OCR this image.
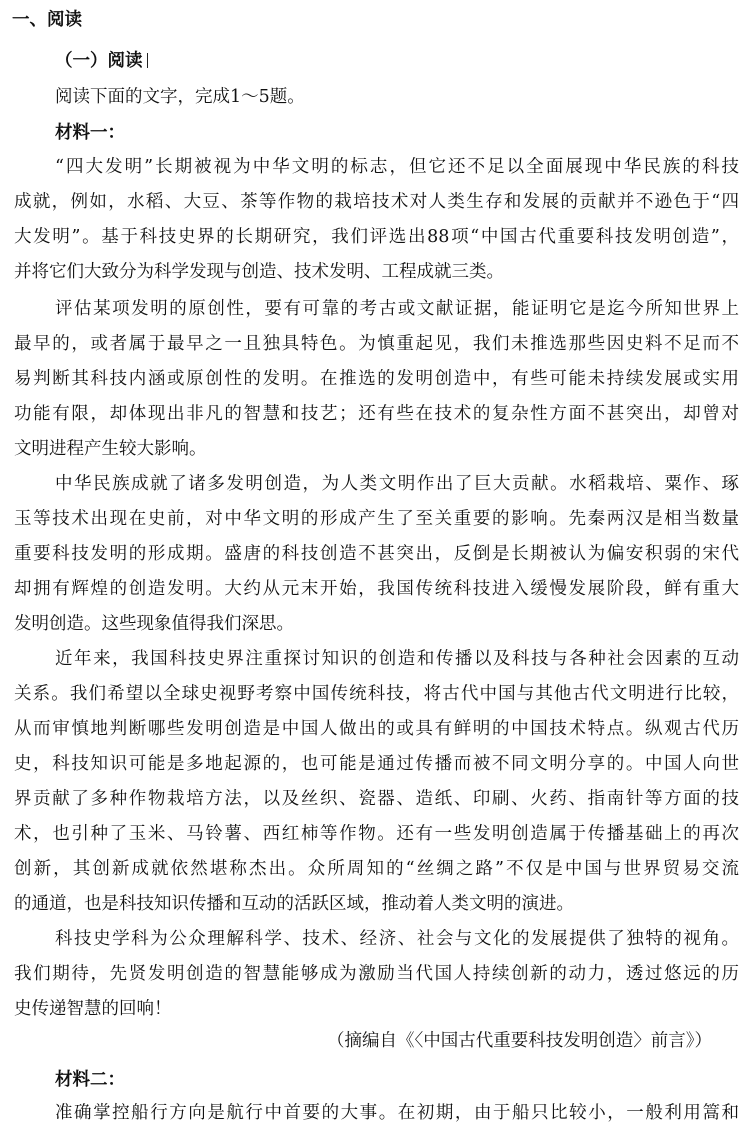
一、阅读
（一）阅读
阅读下面的文字，完成1～5题。
材料一：
“四大发明”长期被视为中华文明的标志，但它还不足以全面展现中华民族的科技
成就，例如，水稻、大豆、茶等作物的栽培技术对人类生存和发展的贡献并不逊色于“四
大发明”。基于科技史界的长期研究，我们评选出88项“中国古代重要科技发明创造”，
并将它们大致分为科学发现与创造、技术发明、工程成就三类。
评估某项发明的原创性，要有可靠的考古或文献证据，能证明它是迄今所知世界上
最早的，或者属于最早之一且独具特色。为慎重起见，我们未推选那些因史料不足而不
易判断其科技内涵或原创性的发明。在推选的发明创造中，有些可能未持续发展或实用
功能有限，却体现出非凡的智慧和技艺；还有些在技术的复杂性方面不甚突出，却曾对
文明进程产生较大影响。
中华民族成就了诸多发明创造，为人类文明作出了巨大贡献。水稻栽培、粟作、琢
玉等技术出现在史前，对中华文明的形成产生了至关重要的影响。先秦两汉是相当数量
重要科技发明的形成期。盛唐的科技创造不甚突出，反倒是长期被认为偏安积弱的宋代
却拥有辉煌的创造发明。大约从元末开始，我国传统科技进入缓慢发展阶段，鲜有重大
发明创造。这些现象值得我们深思。
近年来，我国科技史界注重探讨知识的创造和传播以及科技与各种社会因素的互动
关系。我们希望以全球史视野考察中国传统科技，将古代中国与其他古代文明进行比较，
从而审慎地判断哪些发明创造是中国人做出的或具有鲜明的中国技术特点。纵观古代历
史，科技知识可能是多地起源的，也可能是通过传播而被不同文明分享的。中国人向世
界贡献了多种作物栽培方法，以及丝织、瓷器、造纸、印刷、火药、指南针等方面的技
术，也引种了玉米、马铃薯、西红柿等作物。还有一些发明创造属于传播基础上的再次
创新，其创新成就依然堪称杰出。众所周知的“丝绸之路”不仅是中国与世界贸易交流
的通道，也是科技知识传播和互动的活跃区域，推动着人类文明的演进。
科技史学科为公众理解科学、技术、经济、社会与文化的发展提供了独特的视角。
我们期待，先贤发明创造的智慧能够成为激励当代国人持续创新的动力，透过悠远的历
史传递智慧的回响！
（摘编自《〈中国古代重要科技发明创造〉前言》）
材料二：
准确掌控船行方向是航行中首要的大事。在初期，由于船只比较小，一般利用篙和
